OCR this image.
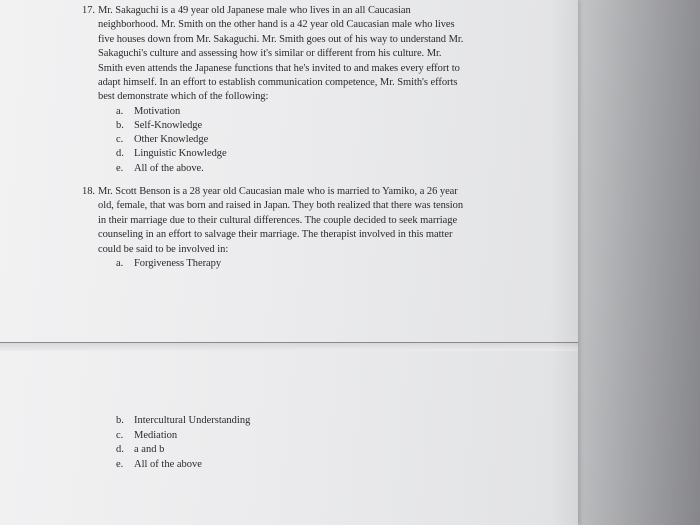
17. Mr. Sakaguchi is a 49 year old Japanese male who lives in an all Caucasian
neighborhood. Mr. Smith on the other hand is a 42 year old Caucasian male who lives
five houses down from Mr. Sakaguchi. Mr. Smith goes out of his way to understand Mr.
Sakaguchi's culture and assessing how it's similar or different from his culture. Mr.
Smith even attends the Japanese functions that he's invited to and makes every effort to
adapt himself. In an effort to establish communication competence, Mr. Smith's efforts
best demonstrate which of the following:
a. Motivation
b. Self-Knowledge
c. Other Knowledge
d. Linguistic Knowledge
e. All of the above.
18. Mr. Scott Benson is a 28 year old Caucasian male who is married to Yamiko, a 26 year
old, female, that was born and raised in Japan. They both realized that there was tension
in their marriage due to their cultural differences. The couple decided to seek marriage
counseling in an effort to salvage their marriage. The therapist involved in this matter
could be said to be involved in:
a. Forgiveness Therapy
b. Intercultural Understanding
c. Mediation
d. a and b
e. All of the above
